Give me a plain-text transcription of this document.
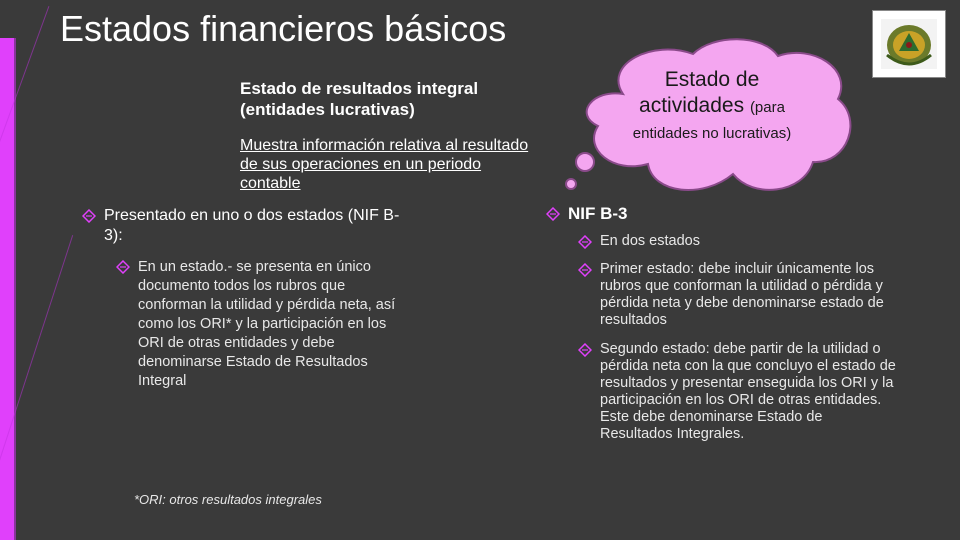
Estados financieros básicos
Estado de resultados integral
(entidades lucrativas)
Muestra información relativa al resultado de sus operaciones en un periodo contable
Estado de
actividades (para
entidades no lucrativas)
Presentado en uno o dos estados (NIF B-3):
En un estado.- se presenta en único documento todos los rubros que conforman la utilidad y pérdida neta, así como los ORI* y la participación en los ORI de otras entidades y debe denominarse Estado de Resultados Integral
NIF B-3
En dos estados
Primer estado: debe incluir únicamente los rubros que conforman la utilidad o pérdida y pérdida neta y debe denominarse estado de resultados
Segundo estado: debe partir de la utilidad o pérdida neta con la que concluyo el estado de resultados y presentar enseguida los ORI y la participación en los ORI de otras entidades. Este debe denominarse Estado de Resultados Integrales.
*ORI: otros resultados integrales
